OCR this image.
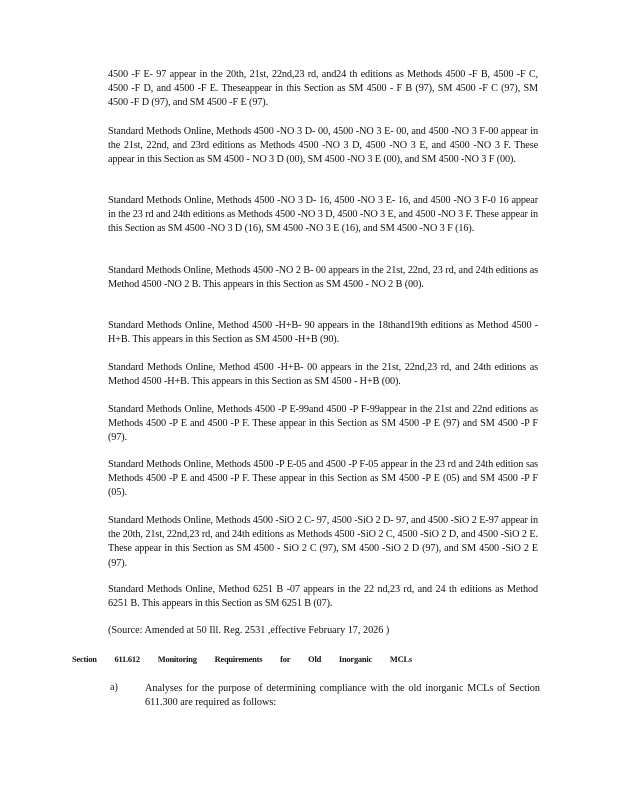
4500 -F E- 97 appear in the 20th, 21st, 22nd,23 rd, and24 th editions as Methods 4500 -F B, 4500 -F C, 4500 -F D, and 4500 -F E. Theseappear in this Section as SM 4500 - F B (97), SM 4500 -F C (97), SM 4500 -F D (97), and SM 4500 -F E (97).

Standard Methods Online, Methods 4500 -NO 3 D- 00, 4500 -NO 3 E- 00, and 4500 -NO 3 F-00 appear in the 21st, 22nd, and 23rd editions as Methods 4500 -NO 3 D, 4500 -NO 3 E, and 4500 -NO 3 F. These appear in this Section as SM 4500 - NO 3 D (00), SM 4500 -NO 3 E (00), and SM 4500 -NO 3 F (00).

Standard Methods Online, Methods 4500 -NO 3 D- 16, 4500 -NO 3 E- 16, and 4500 -NO 3 F-0 16 appear in the 23 rd and 24th editions as Methods 4500 -NO 3 D, 4500 -NO 3 E, and 4500 -NO 3 F. These appear in this Section as SM 4500 -NO 3 D (16), SM 4500 -NO 3 E (16), and SM 4500 -NO 3 F (16).

Standard Methods Online, Methods 4500 -NO 2 B- 00 appears in the 21st, 22nd, 23 rd, and 24th editions as Method 4500 -NO 2 B. This appears in this Section as SM 4500 - NO 2 B (00).

Standard Methods Online, Method 4500 -H+B- 90 appears in the 18thand19th editions as Method 4500 -H+B. This appears in this Section as SM 4500 -H+B (90).

Standard Methods Online, Method 4500 -H+B- 00 appears in the 21st, 22nd,23 rd, and 24th editions as Method 4500 -H+B. This appears in this Section as SM 4500 - H+B (00).

Standard Methods Online, Methods 4500 -P E-99and 4500 -P F-99appear in the 21st and 22nd editions as Methods 4500 -P E and 4500 -P F. These appear in this Section as SM 4500 -P E (97) and SM 4500 -P F (97).

Standard Methods Online, Methods 4500 -P E-05 and 4500 -P F-05 appear in the 23 rd and 24th edition sas Methods 4500 -P E and 4500 -P F. These appear in this Section as SM 4500 -P E (05) and SM 4500 -P F (05).

Standard Methods Online, Methods 4500 -SiO 2 C- 97, 4500 -SiO 2 D- 97, and 4500 -SiO 2 E-97 appear in the 20th, 21st, 22nd,23 rd, and 24th editions as Methods 4500 -SiO 2 C, 4500 -SiO 2 D, and 4500 -SiO 2 E. These appear in this Section as SM 4500 - SiO 2 C (97), SM 4500 -SiO 2 D (97), and SM 4500 -SiO 2 E (97).

Standard Methods Online, Method 6251 B -07 appears in the 22 nd,23 rd, and 24 th editions as Method 6251 B. This appears in this Section as SM 6251 B (07).

(Source: Amended at 50 Ill. Reg. 2531 ,effective February 17, 2026 )
Section 611.612 Monitoring Requirements for Old Inorganic MCLs
a)	Analyses for the purpose of determining compliance with the old inorganic MCLs of Section 611.300 are required as follows:
